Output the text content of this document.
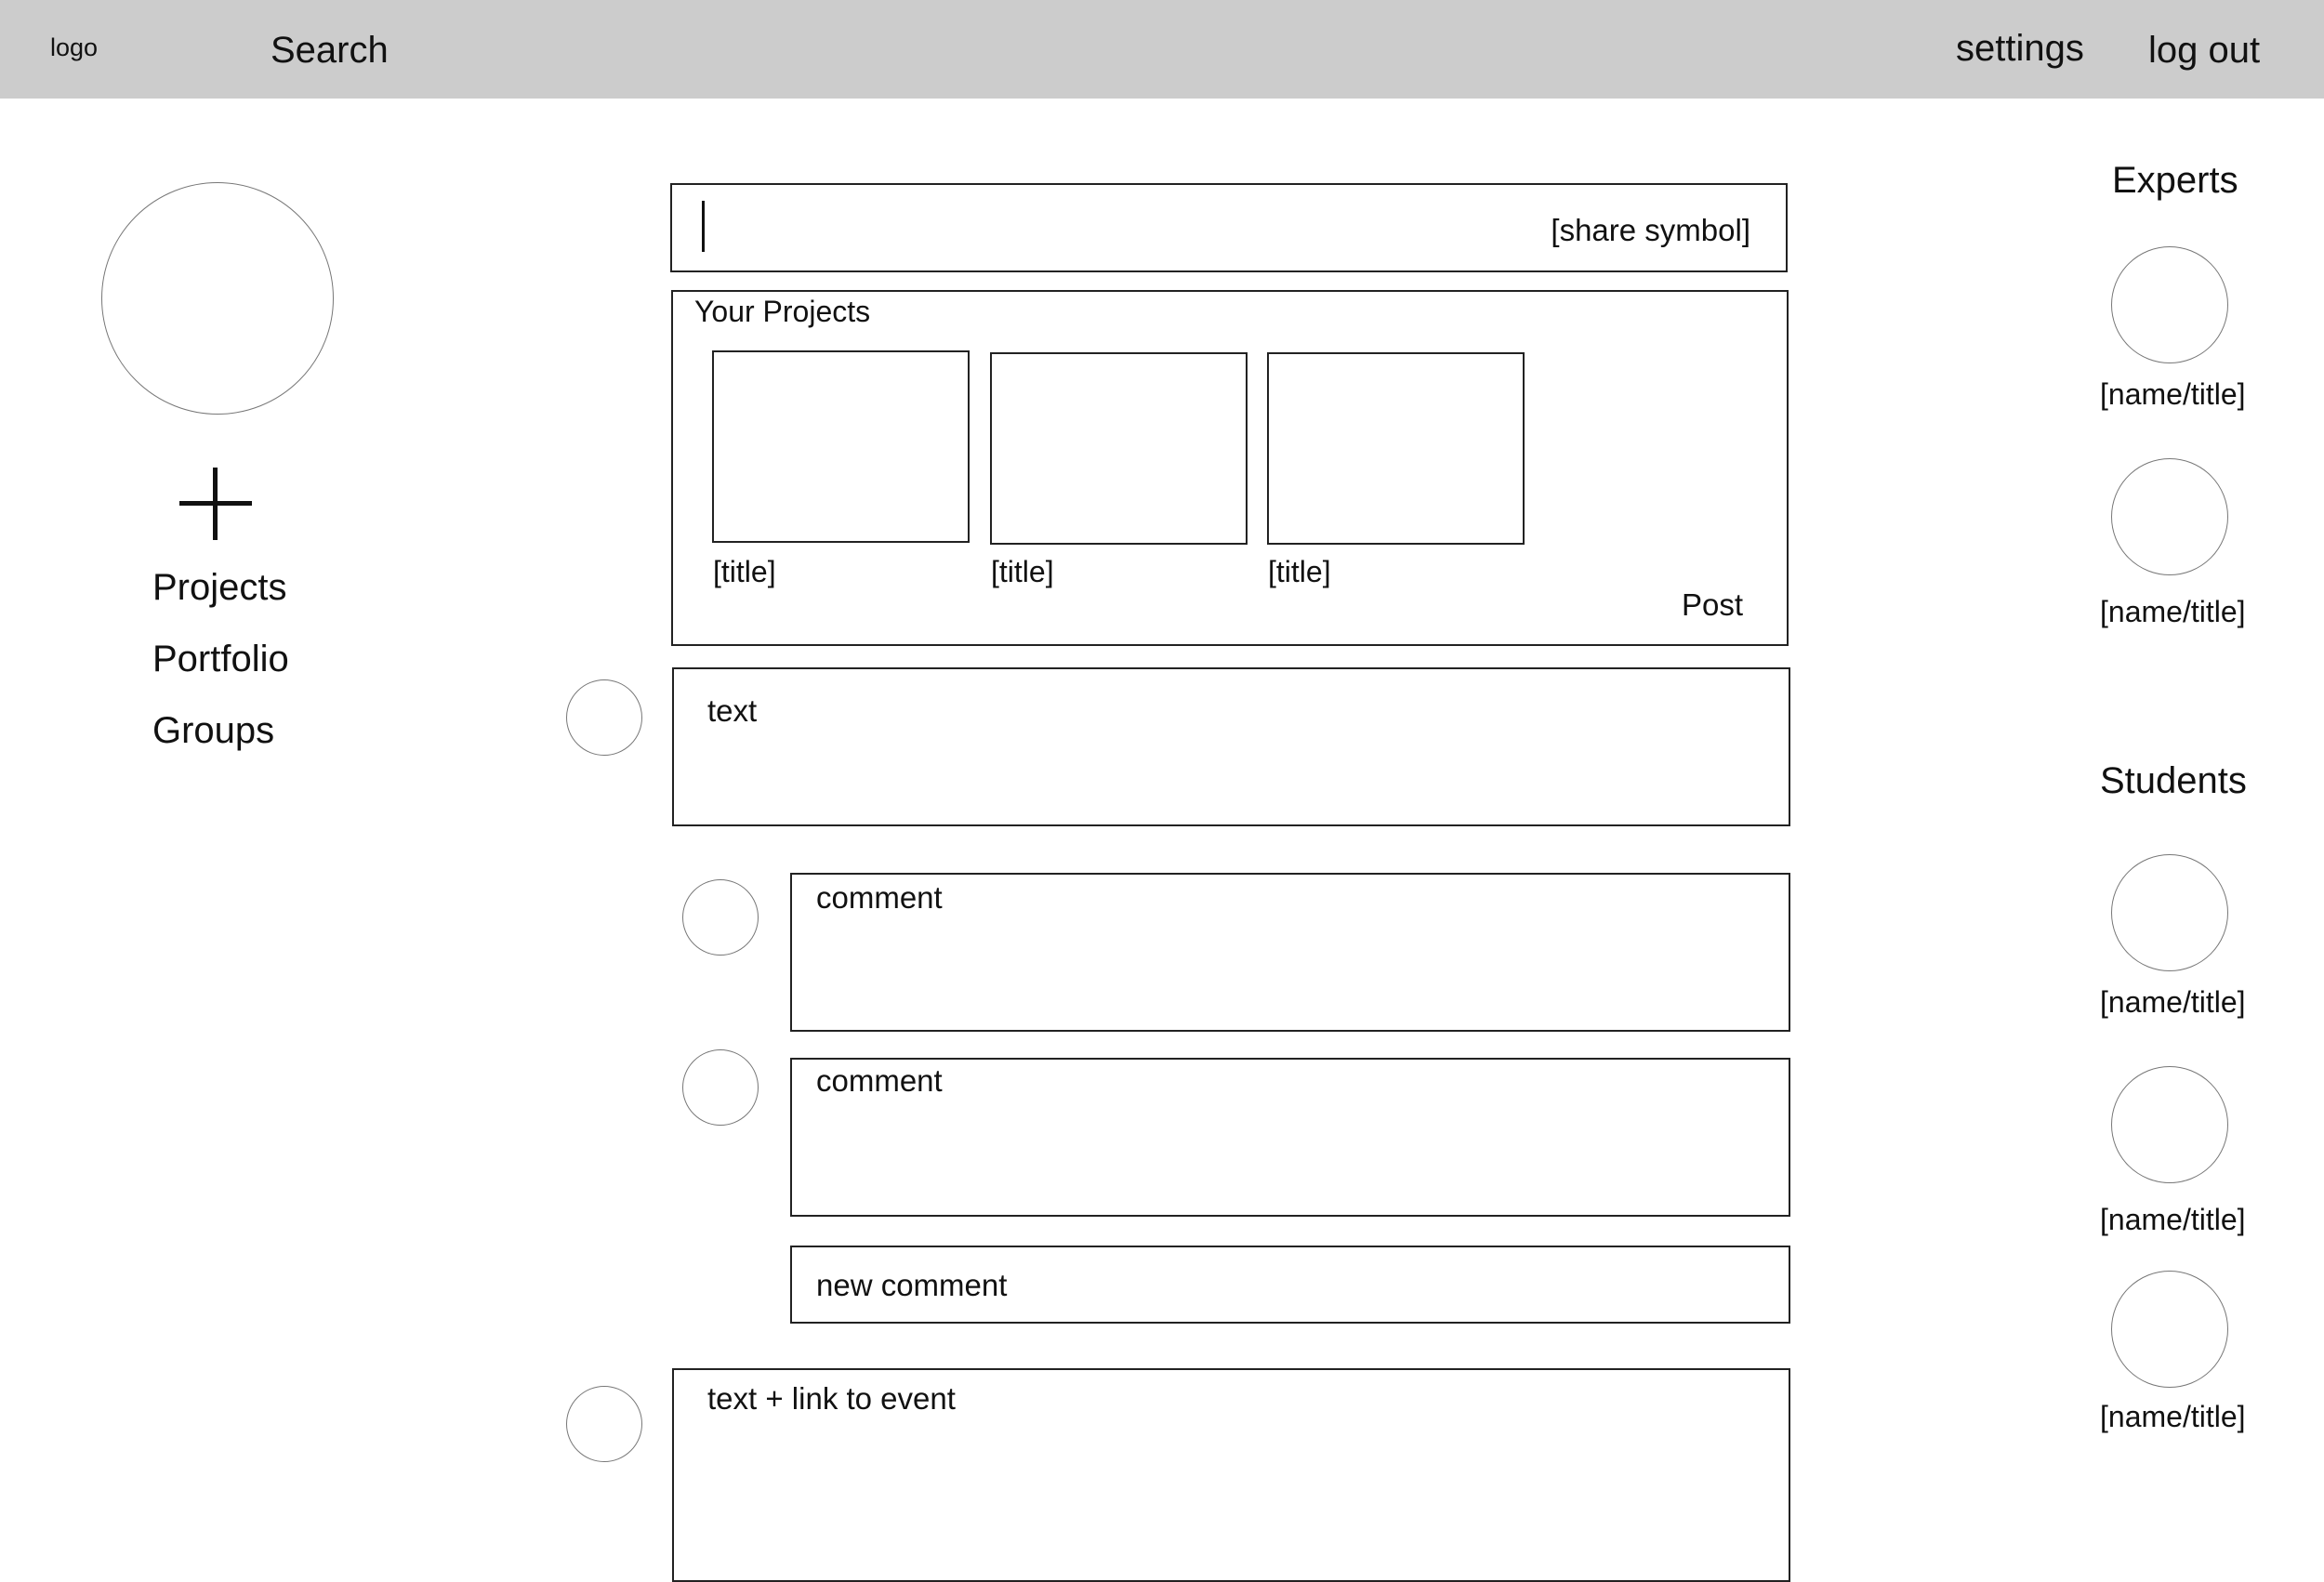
logo	Search	settings log out
Projects
Portfolio
Groups
[share symbol]
Your Projects
[title]	[title]	[title]
Post
text
comment
comment
new comment
text + link to event
Experts
[name/title]
[name/title]
Students
[name/title]
[name/title]
[name/title]
